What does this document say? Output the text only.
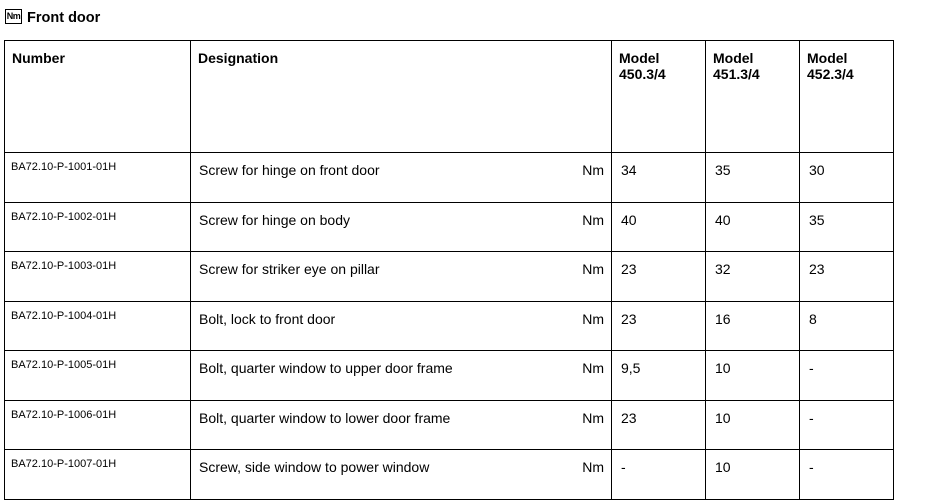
Nm Front door
Number	Designation	Model 450.3/4	Model 451.3/4	Model 452.3/4

BA72.10-P-1001-01H	Screw for hinge on front door Nm	34	35	30

BA72.10-P-1002-01H	Screw for hinge on body Nm	40	40	35

BA72.10-P-1003-01H	Screw for striker eye on pillar Nm	23	32	23

BA72.10-P-1004-01H	Bolt, lock to front door Nm	23	16	8

BA72.10-P-1005-01H	Bolt, quarter window to upper door frame Nm	9,5	10	-

BA72.10-P-1006-01H	Bolt, quarter window to lower door frame Nm	23	10	-

BA72.10-P-1007-01H	Screw, side window to power window Nm	-	10	-
